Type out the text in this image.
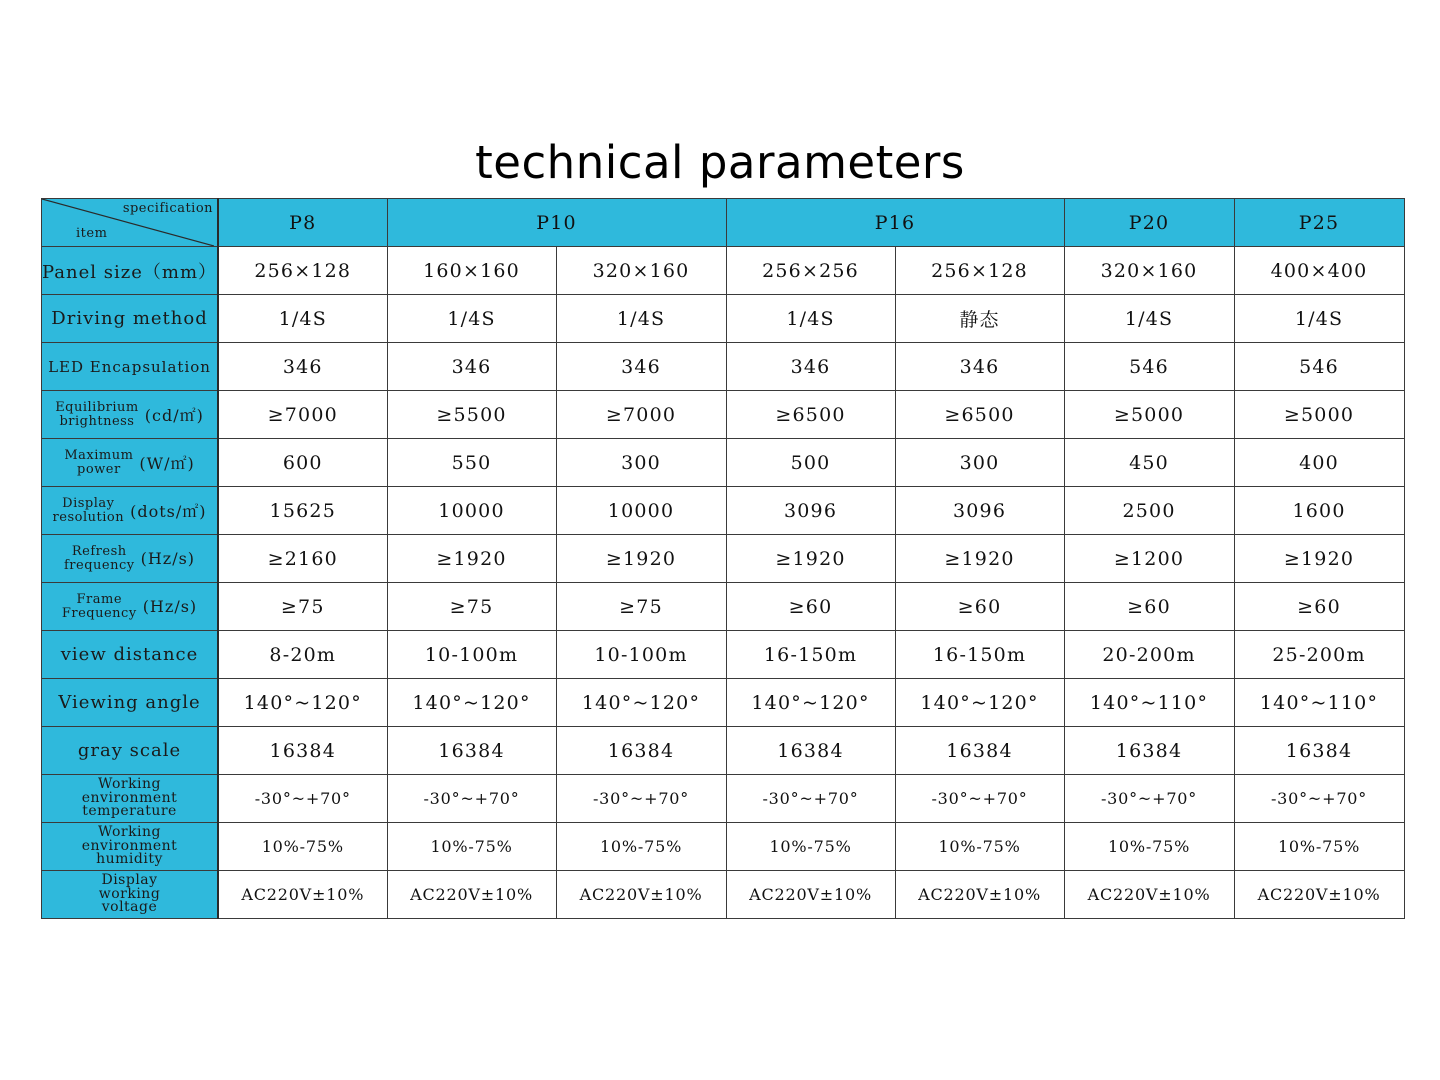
technical parameters
specification
item	P8	P10		P16		P20	P25
Panel size（mm）	256×128	160×160	320×160	256×256	256×128	320×160	400×400
Driving method	1/4S	1/4S	1/4S	1/4S	静态	1/4S	1/4S
LED Encapsulation	346	346	346	346	346	546	546
Equilibrium
brightness (cd/㎡)	≥7000	≥5500	≥7000	≥6500	≥6500	≥5000	≥5000
Maximum
power (W/㎡)	600	550	300	500	300	450	400
Display
resolution (dots/㎡)	15625	10000	10000	3096	3096	2500	1600
Refresh
frequency (Hz/s)	≥2160	≥1920	≥1920	≥1920	≥1920	≥1200	≥1920
Frame
Frequency (Hz/s)	≥75	≥75	≥75	≥60	≥60	≥60	≥60
view distance	8-20m	10-100m	10-100m	16-150m	16-150m	20-200m	25-200m
Viewing angle	140°~120°	140°~120°	140°~120°	140°~120°	140°~120°	140°~110°	140°~110°
gray scale	16384	16384	16384	16384	16384	16384	16384

Working
environment
temperature	-30°~+70°	-30°~+70°	-30°~+70°	-30°~+70°	-30°~+70°	-30°~+70°	-30°~+70°

Working
environment
humidity	10%-75%	10%-75%	10%-75%	10%-75%	10%-75%	10%-75%	10%-75%

Display
working
voltage	AC220V±10%	AC220V±10%	AC220V±10%	AC220V±10%	AC220V±10%	AC220V±10%	AC220V±10%
